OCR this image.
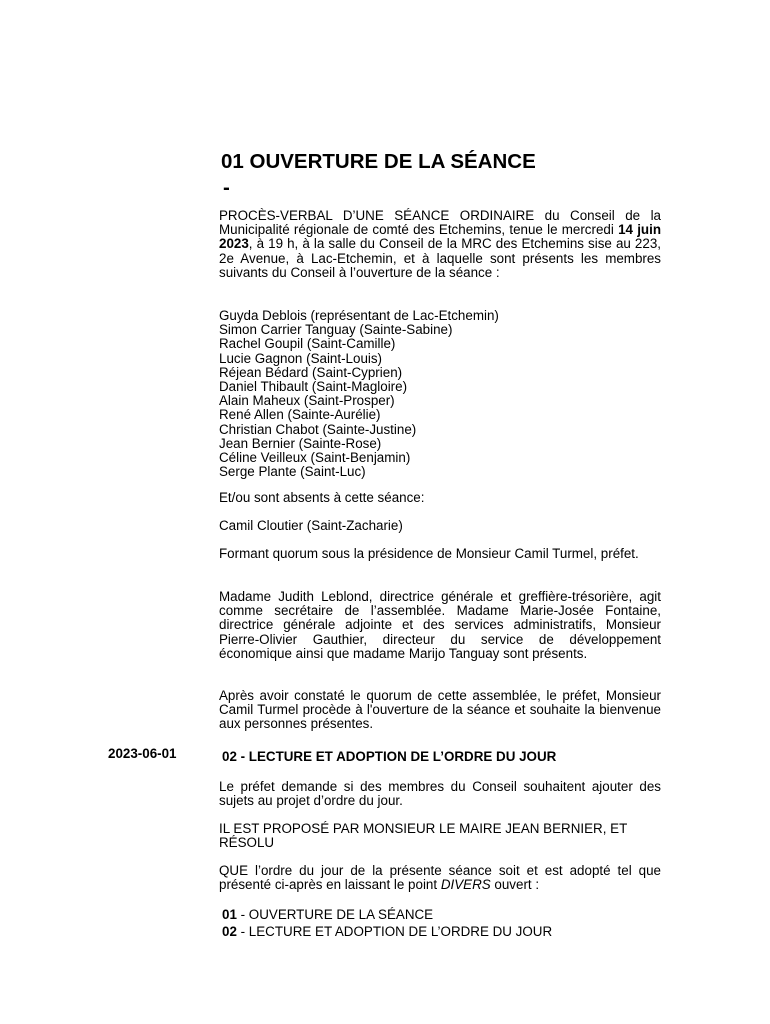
01 OUVERTURE DE LA SÉANCE
-

PROCÈS-VERBAL D’UNE SÉANCE ORDINAIRE du Conseil de la Municipalité régionale de comté des Etchemins, tenue le mercredi 14 juin 2023, à 19 h, à la salle du Conseil de la MRC des Etchemins sise au 223, 2e Avenue, à Lac-Etchemin, et à laquelle sont présents les membres suivants du Conseil à l’ouverture de la séance :

Guyda Deblois (représentant de Lac-Etchemin)
Simon Carrier Tanguay (Sainte-Sabine)
Rachel Goupil (Saint-Camille)
Lucie Gagnon (Saint-Louis)
Réjean Bédard (Saint-Cyprien)
Daniel Thibault (Saint-Magloire)
Alain Maheux (Saint-Prosper)
René Allen (Sainte-Aurélie)
Christian Chabot (Sainte-Justine)
Jean Bernier (Sainte-Rose)
Céline Veilleux (Saint-Benjamin)
Serge Plante (Saint-Luc)

Et/ou sont absents à cette séance:

Camil Cloutier (Saint-Zacharie)

Formant quorum sous la présidence de Monsieur Camil Turmel, préfet.

Madame Judith Leblond, directrice générale et greffière-trésorière, agit comme secrétaire de l’assemblée. Madame Marie-Josée Fontaine, directrice générale adjointe et des services administratifs, Monsieur Pierre-Olivier Gauthier, directeur du service de développement économique ainsi que madame Marijo Tanguay sont présents.

Après avoir constaté le quorum de cette assemblée, le préfet, Monsieur Camil Turmel procède à l'ouverture de la séance et souhaite la bienvenue aux personnes présentes.

2023-06-01	02 - LECTURE ET ADOPTION DE L’ORDRE DU JOUR

Le préfet demande si des membres du Conseil souhaitent ajouter des sujets au projet d’ordre du jour.

IL EST PROPOSÉ PAR MONSIEUR LE MAIRE JEAN BERNIER, ET RÉSOLU

QUE l’ordre du jour de la présente séance soit et est adopté tel que présenté ci-après en laissant le point DIVERS ouvert :

01 - OUVERTURE DE LA SÉANCE
02 - LECTURE ET ADOPTION DE L’ORDRE DU JOUR
